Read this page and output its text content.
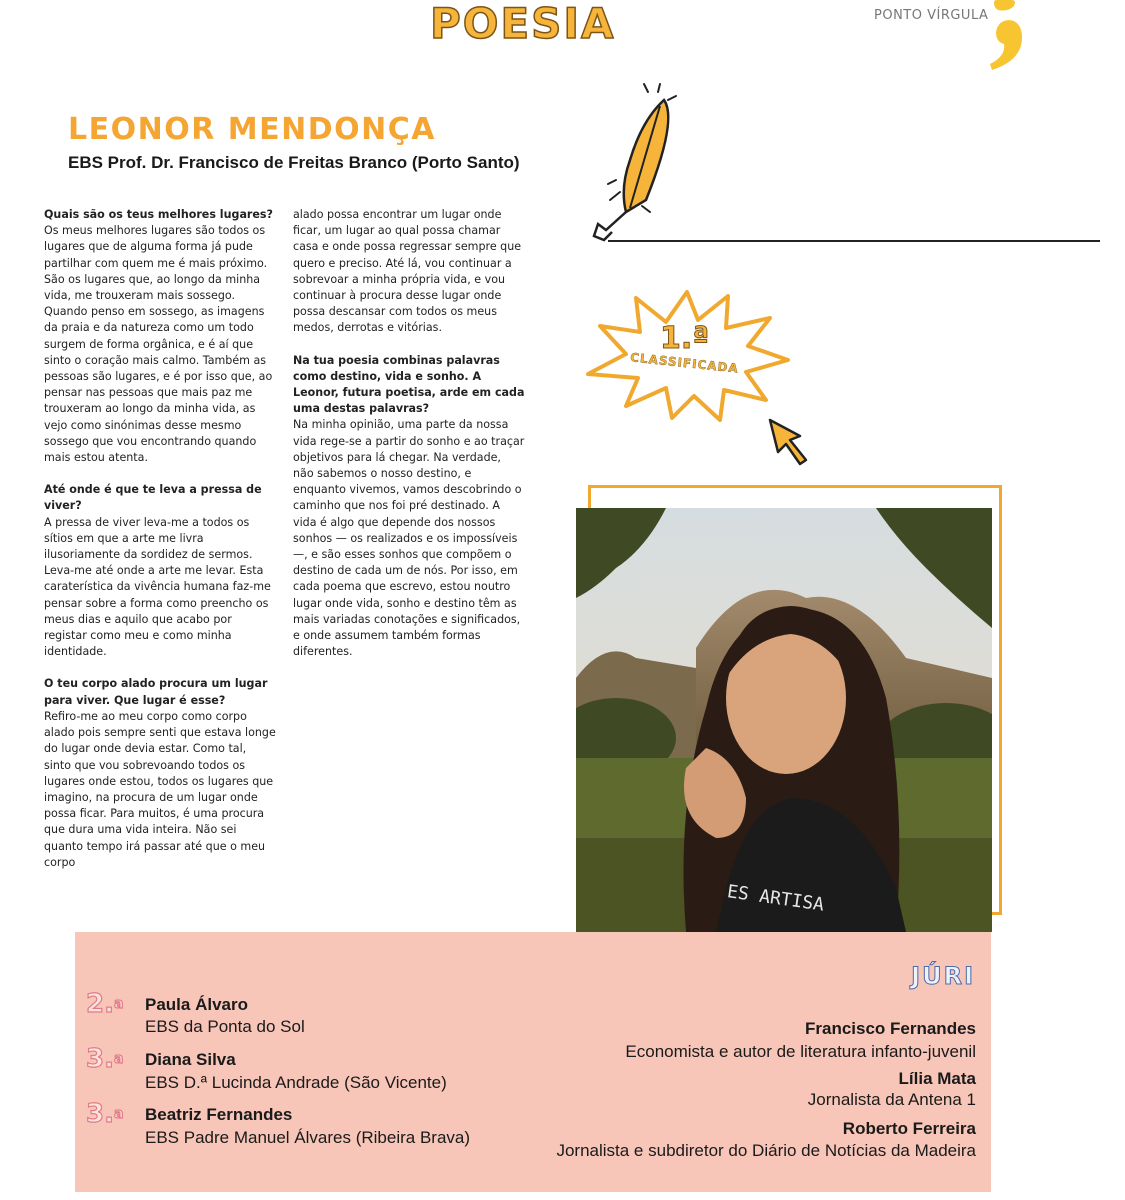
POESIA	PONTO VÍRGULA
LEONOR MENDONÇA
EBS Prof. Dr. Francisco de Freitas Branco (Porto Santo)
Quais são os teus melhores lugares?
Os meus melhores lugares são todos os lugares que de alguma forma já pude partilhar com quem me é mais próximo. São os lugares que, ao longo da minha vida, me trouxeram mais sossego. Quando penso em sossego, as imagens da praia e da natureza como um todo surgem de forma orgânica, e é aí que sinto o coração mais calmo. Também as pessoas são lugares, e é por isso que, ao pensar nas pessoas que mais paz me trouxeram ao longo da minha vida, as vejo como sinónimas desse mesmo sossego que vou encontrando quando mais estou atenta.
Até onde é que te leva a pressa de viver?
A pressa de viver leva-me a todos os sítios em que a arte me livra ilusoriamente da sordidez de sermos. Leva-me até onde a arte me levar. Esta caraterística da vivência humana faz-me pensar sobre a forma como preencho os meus dias e aquilo que acabo por registar como meu e como minha identidade.
O teu corpo alado procura um lugar para viver. Que lugar é esse?
Refiro-me ao meu corpo como corpo alado pois sempre senti que estava longe do lugar onde devia estar. Como tal, sinto que vou sobrevoando todos os lugares onde estou, todos os lugares que imagino, na procura de um lugar onde possa ficar. Para muitos, é uma procura que dura uma vida inteira. Não sei quanto tempo irá passar até que o meu corpo
alado possa encontrar um lugar onde ficar, um lugar ao qual possa chamar casa e onde possa regressar sempre que quero e preciso. Até lá, vou continuar a sobrevoar a minha própria vida, e vou continuar à procura desse lugar onde possa descansar com todos os meus medos, derrotas e vitórias.
Na tua poesia combinas palavras como destino, vida e sonho. A Leonor, futura poetisa, arde em cada uma destas palavras?
Na minha opinião, uma parte da nossa vida rege-se a partir do sonho e ao traçar objetivos para lá chegar. Na verdade, não sabemos o nosso destino, e enquanto vivemos, vamos descobrindo o caminho que nos foi pré destinado. A vida é algo que depende dos nossos sonhos — os realizados e os impossíveis —, e são esses sonhos que compõem o destino de cada um de nós. Por isso, em cada poema que escrevo, estou noutro lugar onde vida, sonho e destino têm as mais variadas conotações e significados, e onde assumem também formas diferentes.
1.ª
CLASSIFICADA
ES ARTISA
2.$^a$ Paula Álvaro
EBS da Ponta do Sol
3.$^a$ Diana Silva
EBS D.ª Lucinda Andrade (São Vicente)
3.$^a$ Beatriz Fernandes
EBS Padre Manuel Álvares (Ribeira Brava)
JÚRI
Francisco Fernandes
Economista e autor de literatura infanto-juvenil
Lília Mata
Jornalista da Antena 1
Roberto Ferreira
Jornalista e subdiretor do Diário de Notícias da Madeira
